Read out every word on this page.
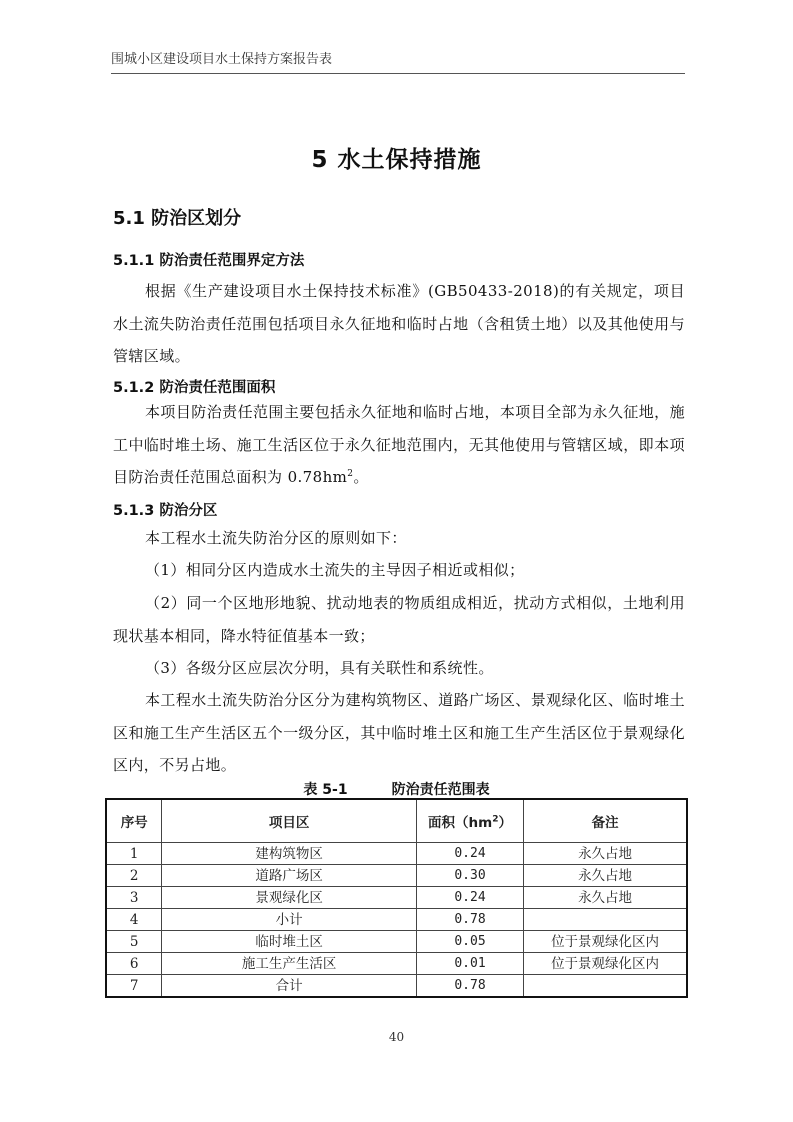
围城小区建设项目水土保持方案报告表
5 水土保持措施
5.1 防治区划分
5.1.1 防治责任范围界定方法
根据《生产建设项目水土保持技术标准》(GB50433-2018)的有关规定，项目水土流失防治责任范围包括项目永久征地和临时占地（含租赁土地）以及其他使用与管辖区域。
5.1.2 防治责任范围面积
本项目防治责任范围主要包括永久征地和临时占地，本项目全部为永久征地，施工中临时堆土场、施工生活区位于永久征地范围内，无其他使用与管辖区域，即本项目防治责任范围总面积为 $0.78hm^2$。
5.1.3 防治分区
本工程水土流失防治分区的原则如下：
（1）相同分区内造成水土流失的主导因子相近或相似；
（2）同一个区地形地貌、扰动地表的物质组成相近，扰动方式相似，土地利用现状基本相同，降水特征值基本一致；
（3）各级分区应层次分明，具有关联性和系统性。
本工程水土流失防治分区分为建构筑物区、道路广场区、景观绿化区、临时堆土区和施工生产生活区五个一级分区，其中临时堆土区和施工生产生活区位于景观绿化区内，不另占地。
表 5-1	防治责任范围表
序号	项目区	面积$(hm^2)$	备注
1	建构筑物区	0.24	永久占地
2	道路广场区	0.30	永久占地
3	景观绿化区	0.24	永久占地
4	小计	0.78	
5	临时堆土区	0.05	位于景观绿化区内
6	施工生产生活区	0.01	位于景观绿化区内
7	合计	0.78	
40
